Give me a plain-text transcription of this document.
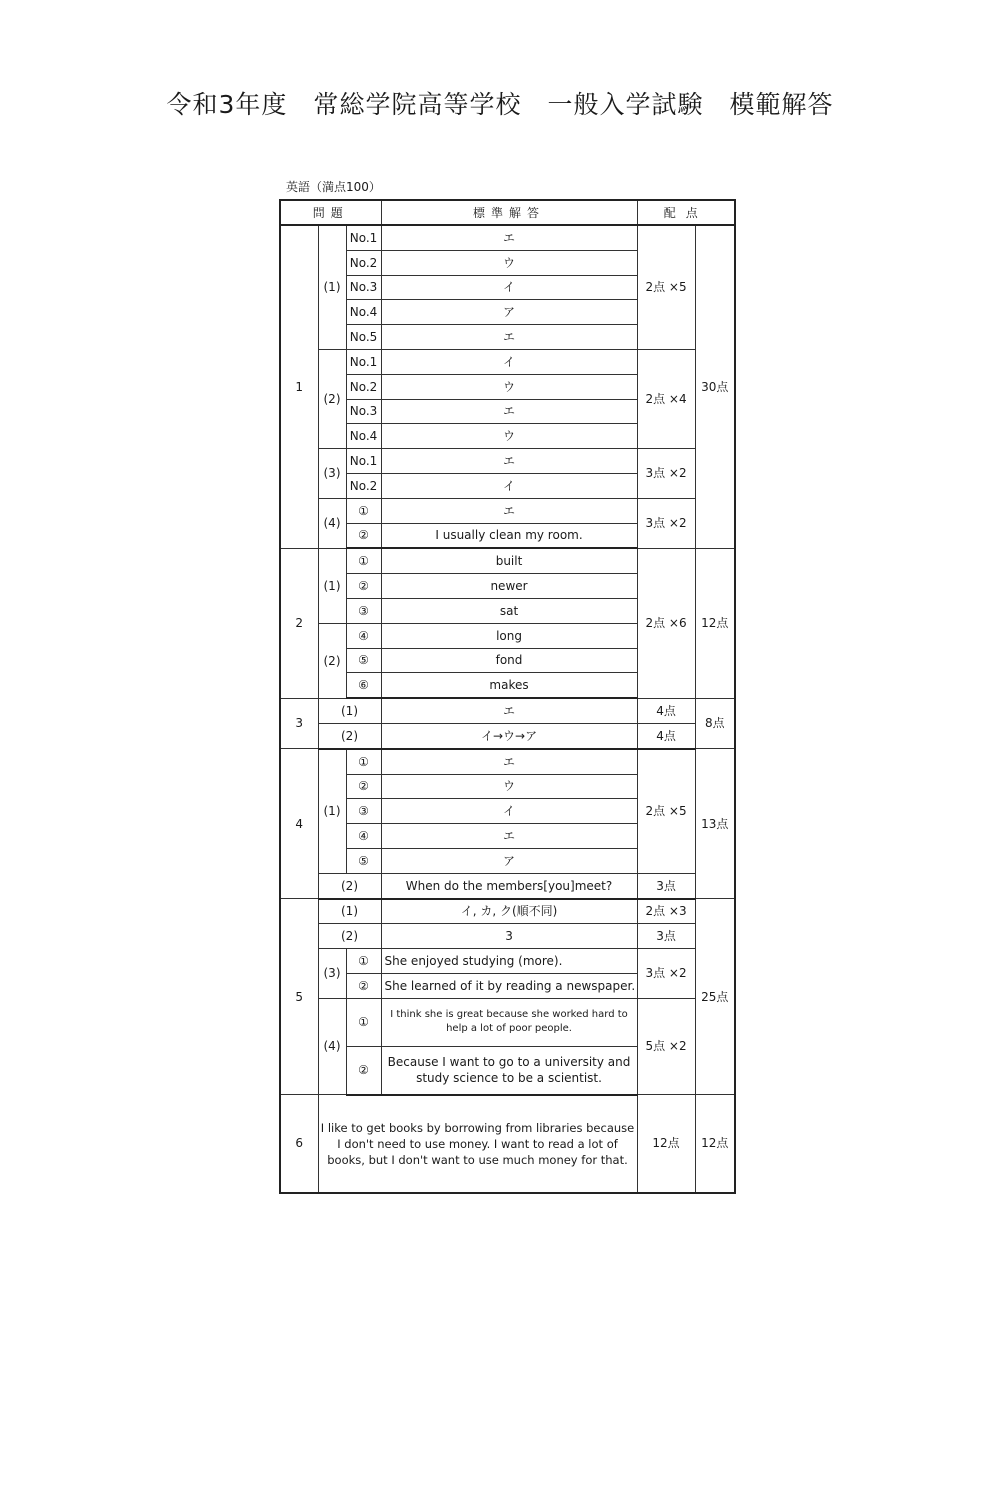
令和3年度　常総学院高等学校　一般入学試験　模範解答
英語（満点100）
問題			標準解答	配点	
1	(1)	No.1	エ	2点 ×5	30点
		No.2	ウ		
		No.3	イ		
		No.4	ア		
		No.5	エ		
	(2)	No.1	イ	2点 ×4	
		No.2	ウ		
		No.3	エ		
		No.4	ウ		
	(3)	No.1	エ	3点 ×2	
		No.2	イ		
	(4)	①	エ	3点 ×2	
		②	I usually clean my room.		
2	(1)	①	built	2点 ×6	12点
		②	newer		
		③	sat		
	(2)	④	long		
		⑤	fond		
		⑥	makes		
3	(1)		エ	4点	8点
	(2)		イ→ウ→ア	4点	
4	(1)	①	エ	2点 ×5	13点
		②	ウ		
		③	イ		
		④	エ		
		⑤	ア		
	(2)		When do the members[you]meet?	3点	
5	(1)		イ, カ, ク(順不同)	2点 ×3	25点
	(2)		3	3点	
	(3)	①	She enjoyed studying (more).	3点 ×2	
		②	She learned of it by reading a newspaper.		
	(4)	①	I think she is great because she worked hard to help a lot of poor people.	5点 ×2	
		②	Because I want to go to a university and study science to be a scientist.		
6	I like to get books by borrowing from libraries because I don't need to use money. I want to read a lot of books, but I don't want to use much money for that.			12点	12点
